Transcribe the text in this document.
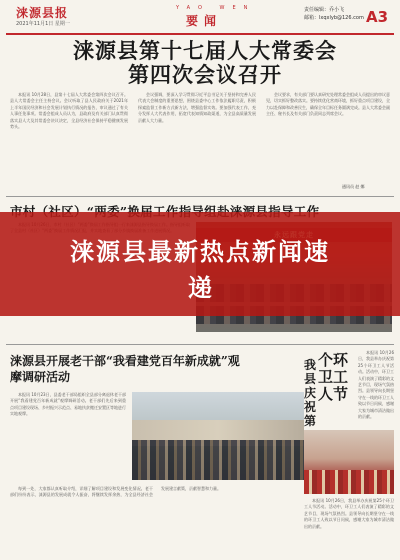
涞源县报
2021年11月1日 星期一
YAO WEN
要闻
责任编辑：乔小飞
邮箱：lxqxlyb@126.com A3
涞源县第十七届人大常委会
第四次会议召开

本报讯 10月28日，县第十七届人大常委会第四次会议召开。县人大常委会主任主持会议。会议听取了县人民政府关于2021年上半年国民经济和社会发展计划执行情况的报告，审议通过了有关人事任免事项。常委会组成人员认为，县政府及有关部门认真贯彻落实县人大及其常委会决议决定，全县经济社会保持平稳健康发展势头。

会议强调，要深入学习贯彻习近平总书记关于坚持和完善人民代表大会制度的重要思想，围绕县委中心工作依法履职尽责，积极探索监督工作新方式新方法，增强监督实效。要加强代表工作，充分发挥人大代表作用，拓宽代表知情知政渠道，为全县高质量发展贡献人大力量。

会议要求，有关部门要认真研究处理常委会组成人员提出的审议意见，切实抓好整改落实。要持续优化营商环境，抓好重点项目建设，全力以赴保障和改善民生，确保全年目标任务圆满完成。县人大常委会副主任、秘书长及有关部门负责同志列席会议。

通讯员 赵 娜

涞源县最新热点新闻速
递
涞源县开展老干部“我看建党百年新成就”观
摩调研活动

本报讯 10月23日，县委老干部局组织全县部分离退休老干部开展“我看建党百年新成就”观摩调研活动。老干部们先后来到重点项目建设现场、乡村振兴示范点、易地扶贫搬迁安置区等地进行实地观摩。

每到一处，大家都认真听取介绍，详细了解项目建设和发展变化情况。老干部们纷纷表示，涞源县的发展成就令人振奋，将继续发挥余热，为全县经济社会发展建言献策，贡献智慧和力量。

我县庆祝第
个环卫工人节

本报讯 10月26日，我县举办庆祝第25个环卫工人节活动。活动中，环卫工人们表演了精彩的文艺节目，现场气氛热烈。县领导向长期坚守在一线的环卫工人致以节日问候，感谢大家为城市清洁做出的贡献。

本报讯 10月26日，我县举办庆祝第25个环卫工人节活动。活动中，环卫工人们表演了精彩的文艺节目，现场气氛热烈。县领导向长期坚守在一线的环卫工人致以节日问候，感谢大家为城市清洁做出的贡献。
